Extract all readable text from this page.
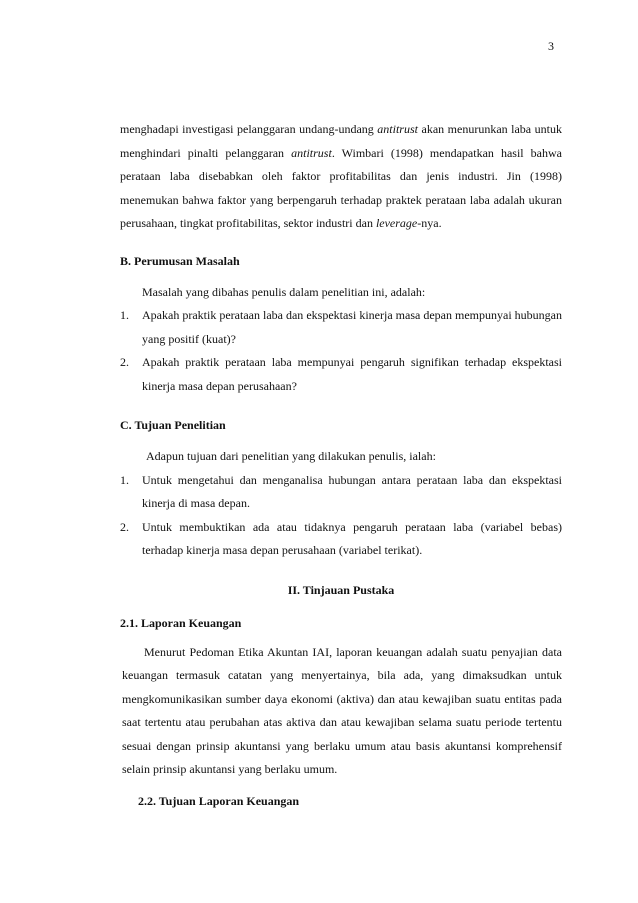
3

menghadapi investigasi pelanggaran undang-undang antitrust akan menurunkan laba untuk menghindari pinalti pelanggaran antitrust. Wimbari (1998) mendapatkan hasil bahwa perataan laba disebabkan oleh faktor profitabilitas dan jenis industri. Jin (1998) menemukan bahwa faktor yang berpengaruh terhadap praktek perataan laba adalah ukuran perusahaan, tingkat profitabilitas, sektor industri dan leverage-nya.

B. Perumusan Masalah

Masalah yang dibahas penulis dalam penelitian ini, adalah:

1. Apakah praktik perataan laba dan ekspektasi kinerja masa depan mempunyai hubungan yang positif (kuat)?
2. Apakah praktik perataan laba mempunyai pengaruh signifikan terhadap ekspektasi kinerja masa depan perusahaan?

C. Tujuan Penelitian

Adapun tujuan dari penelitian yang dilakukan penulis, ialah:

1. Untuk mengetahui dan menganalisa hubungan antara perataan laba dan ekspektasi kinerja di masa depan.
2. Untuk membuktikan ada atau tidaknya pengaruh perataan laba (variabel bebas) terhadap kinerja masa depan perusahaan (variabel terikat).

II. Tinjauan Pustaka

2.1. Laporan Keuangan

Menurut Pedoman Etika Akuntan IAI, laporan keuangan adalah suatu penyajian data keuangan termasuk catatan yang menyertainya, bila ada, yang dimaksudkan untuk mengkomunikasikan sumber daya ekonomi (aktiva) dan atau kewajiban suatu entitas pada saat tertentu atau perubahan atas aktiva dan atau kewajiban selama suatu periode tertentu sesuai dengan prinsip akuntansi yang berlaku umum atau basis akuntansi komprehensif selain prinsip akuntansi yang berlaku umum.

2.2. Tujuan Laporan Keuangan
